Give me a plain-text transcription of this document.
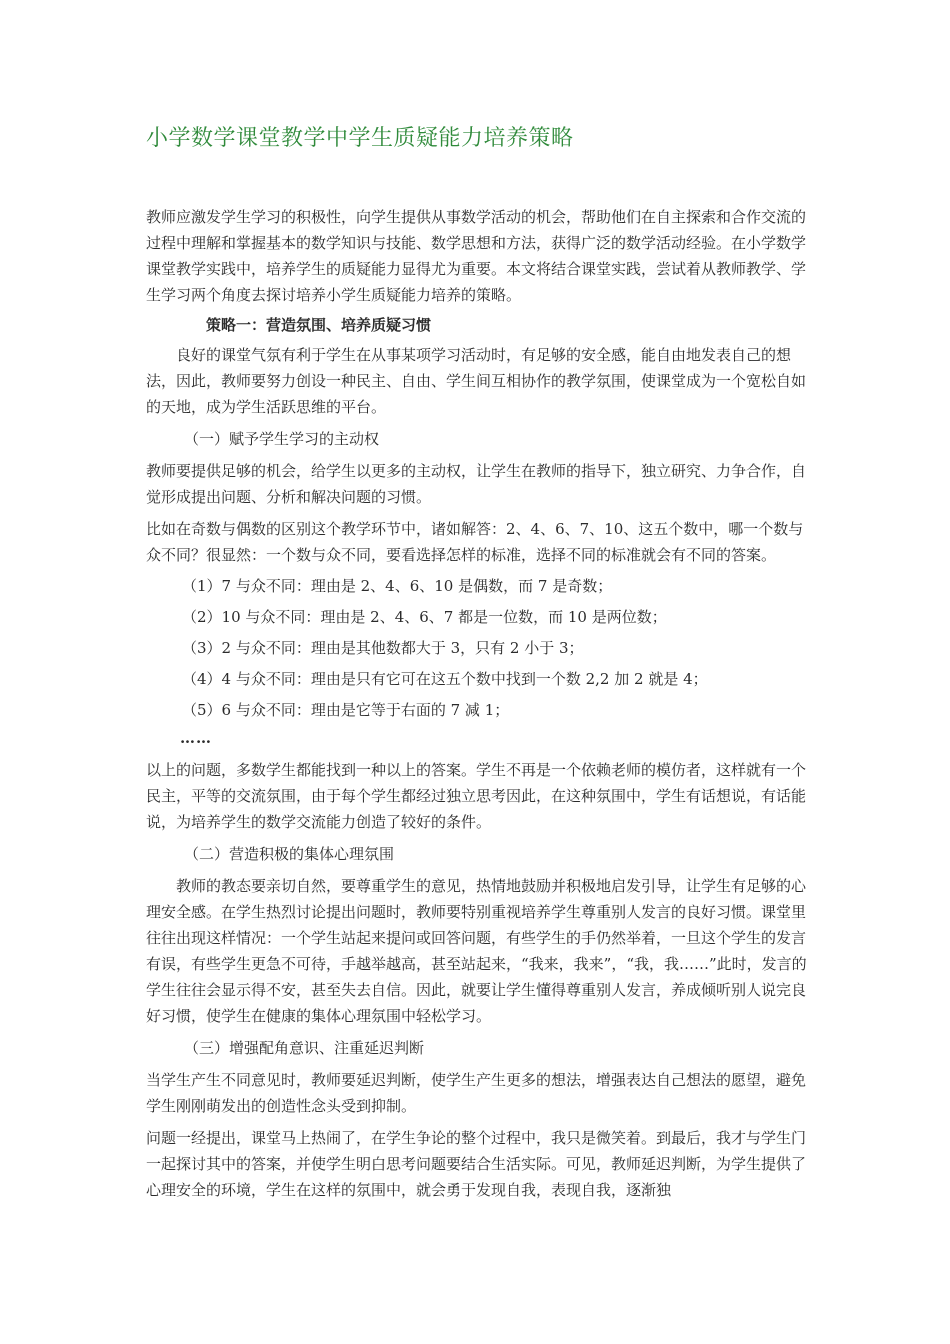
小学数学课堂教学中学生质疑能力培养策略

教师应激发学生学习的积极性，向学生提供从事数学活动的机会，帮助他们在自主探索和合作交流的过程中理解和掌握基本的数学知识与技能、数学思想和方法，获得广泛的数学活动经验。在小学数学课堂教学实践中，培养学生的质疑能力显得尤为重要。本文将结合课堂实践，尝试着从教师教学、学生学习两个角度去探讨培养小学生质疑能力培养的策略。

策略一：营造氛围、培养质疑习惯

良好的课堂气氛有利于学生在从事某项学习活动时，有足够的安全感，能自由地发表自己的想法，因此，教师要努力创设一种民主、自由、学生间互相协作的教学氛围，使课堂成为一个宽松自如的天地，成为学生活跃思维的平台。

（一）赋予学生学习的主动权

教师要提供足够的机会，给学生以更多的主动权，让学生在教师的指导下，独立研究、力争合作，自觉形成提出问题、分析和解决问题的习惯。

比如在奇数与偶数的区别这个教学环节中，诸如解答：2、4、6、7、10、这五个数中，哪一个数与众不同？很显然：一个数与众不同，要看选择怎样的标准，选择不同的标准就会有不同的答案。

（1）7 与众不同：理由是 2、4、6、10 是偶数，而 7 是奇数；

（2）10 与众不同：理由是 2、4、6、7 都是一位数，而 10 是两位数；

（3）2 与众不同：理由是其他数都大于 3，只有 2 小于 3；

（4）4 与众不同：理由是只有它可在这五个数中找到一个数 2,2 加 2 就是 4；

（5）6 与众不同：理由是它等于右面的 7 减 1；

……

以上的问题，多数学生都能找到一种以上的答案。学生不再是一个依赖老师的模仿者，这样就有一个民主，平等的交流氛围，由于每个学生都经过独立思考因此，在这种氛围中，学生有话想说，有话能说，为培养学生的数学交流能力创造了较好的条件。

（二）营造积极的集体心理氛围

教师的教态要亲切自然，要尊重学生的意见，热情地鼓励并积极地启发引导，让学生有足够的心理安全感。在学生热烈讨论提出问题时，教师要特别重视培养学生尊重别人发言的良好习惯。课堂里往往出现这样情况：一个学生站起来提问或回答问题，有些学生的手仍然举着，一旦这个学生的发言有误，有些学生更急不可待，手越举越高，甚至站起来，“我来，我来”，“我，我……”此时，发言的学生往往会显示得不安，甚至失去自信。因此，就要让学生懂得尊重别人发言，养成倾听别人说完良好习惯，使学生在健康的集体心理氛围中轻松学习。

（三）增强配角意识、注重延迟判断

当学生产生不同意见时，教师要延迟判断，使学生产生更多的想法，增强表达自己想法的愿望，避免学生刚刚萌发出的创造性念头受到抑制。

问题一经提出，课堂马上热闹了，在学生争论的整个过程中，我只是微笑着。到最后，我才与学生门一起探讨其中的答案，并使学生明白思考问题要结合生活实际。可见，教师延迟判断，为学生提供了心理安全的环境，学生在这样的氛围中，就会勇于发现自我，表现自我，逐渐独
